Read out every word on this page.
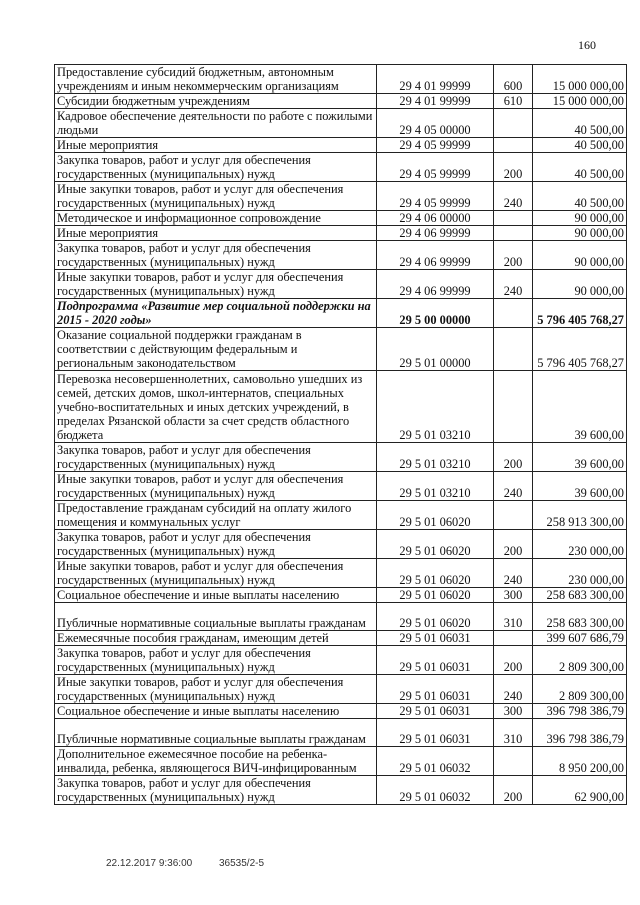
160
Предоставление субсидий бюджетным, автономным учреждениям и иным некоммерческим организациям	29 4 01 99999	600	15 000 000,00
Субсидии бюджетным учреждениям	29 4 01 99999	610	15 000 000,00
Кадровое обеспечение деятельности по работе с пожилыми людьми	29 4 05 00000		40 500,00
Иные мероприятия	29 4 05 99999		40 500,00
Закупка товаров, работ и услуг для обеспечения государственных (муниципальных) нужд	29 4 05 99999	200	40 500,00
Иные закупки товаров, работ и услуг для обеспечения государственных (муниципальных) нужд	29 4 05 99999	240	40 500,00
Методическое и информационное сопровождение	29 4 06 00000		90 000,00
Иные мероприятия	29 4 06 99999		90 000,00
Закупка товаров, работ и услуг для обеспечения государственных (муниципальных) нужд	29 4 06 99999	200	90 000,00
Иные закупки товаров, работ и услуг для обеспечения государственных (муниципальных) нужд	29 4 06 99999	240	90 000,00
Подпрограмма «Развитие мер социальной поддержки на 2015 - 2020 годы»	29 5 00 00000		5 796 405 768,27
Оказание социальной поддержки гражданам в соответствии с действующим федеральным и региональным законодательством	29 5 01 00000		5 796 405 768,27
Перевозка несовершеннолетних, самовольно ушедших из семей, детских домов, школ-интернатов, специальных учебно-воспитательных и иных детских учреждений, в пределах Рязанской области за счет средств областного бюджета	29 5 01 03210		39 600,00
Закупка товаров, работ и услуг для обеспечения государственных (муниципальных) нужд	29 5 01 03210	200	39 600,00
Иные закупки товаров, работ и услуг для обеспечения государственных (муниципальных) нужд	29 5 01 03210	240	39 600,00
Предоставление гражданам субсидий на оплату жилого помещения и коммунальных услуг	29 5 01 06020		258 913 300,00
Закупка товаров, работ и услуг для обеспечения государственных (муниципальных) нужд	29 5 01 06020	200	230 000,00
Иные закупки товаров, работ и услуг для обеспечения государственных (муниципальных) нужд	29 5 01 06020	240	230 000,00
Социальное обеспечение и иные выплаты населению	29 5 01 06020	300	258 683 300,00
Публичные нормативные социальные выплаты гражданам	29 5 01 06020	310	258 683 300,00
Ежемесячные пособия гражданам, имеющим детей	29 5 01 06031		399 607 686,79
Закупка товаров, работ и услуг для обеспечения государственных (муниципальных) нужд	29 5 01 06031	200	2 809 300,00
Иные закупки товаров, работ и услуг для обеспечения государственных (муниципальных) нужд	29 5 01 06031	240	2 809 300,00
Социальное обеспечение и иные выплаты населению	29 5 01 06031	300	396 798 386,79
Публичные нормативные социальные выплаты гражданам	29 5 01 06031	310	396 798 386,79
Дополнительное ежемесячное пособие на ребенка-инвалида, ребенка, являющегося ВИЧ-инфицированным	29 5 01 06032		8 950 200,00
Закупка товаров, работ и услуг для обеспечения государственных (муниципальных) нужд	29 5 01 06032	200	62 900,00
22.12.2017 9:36:00	36535/2-5
